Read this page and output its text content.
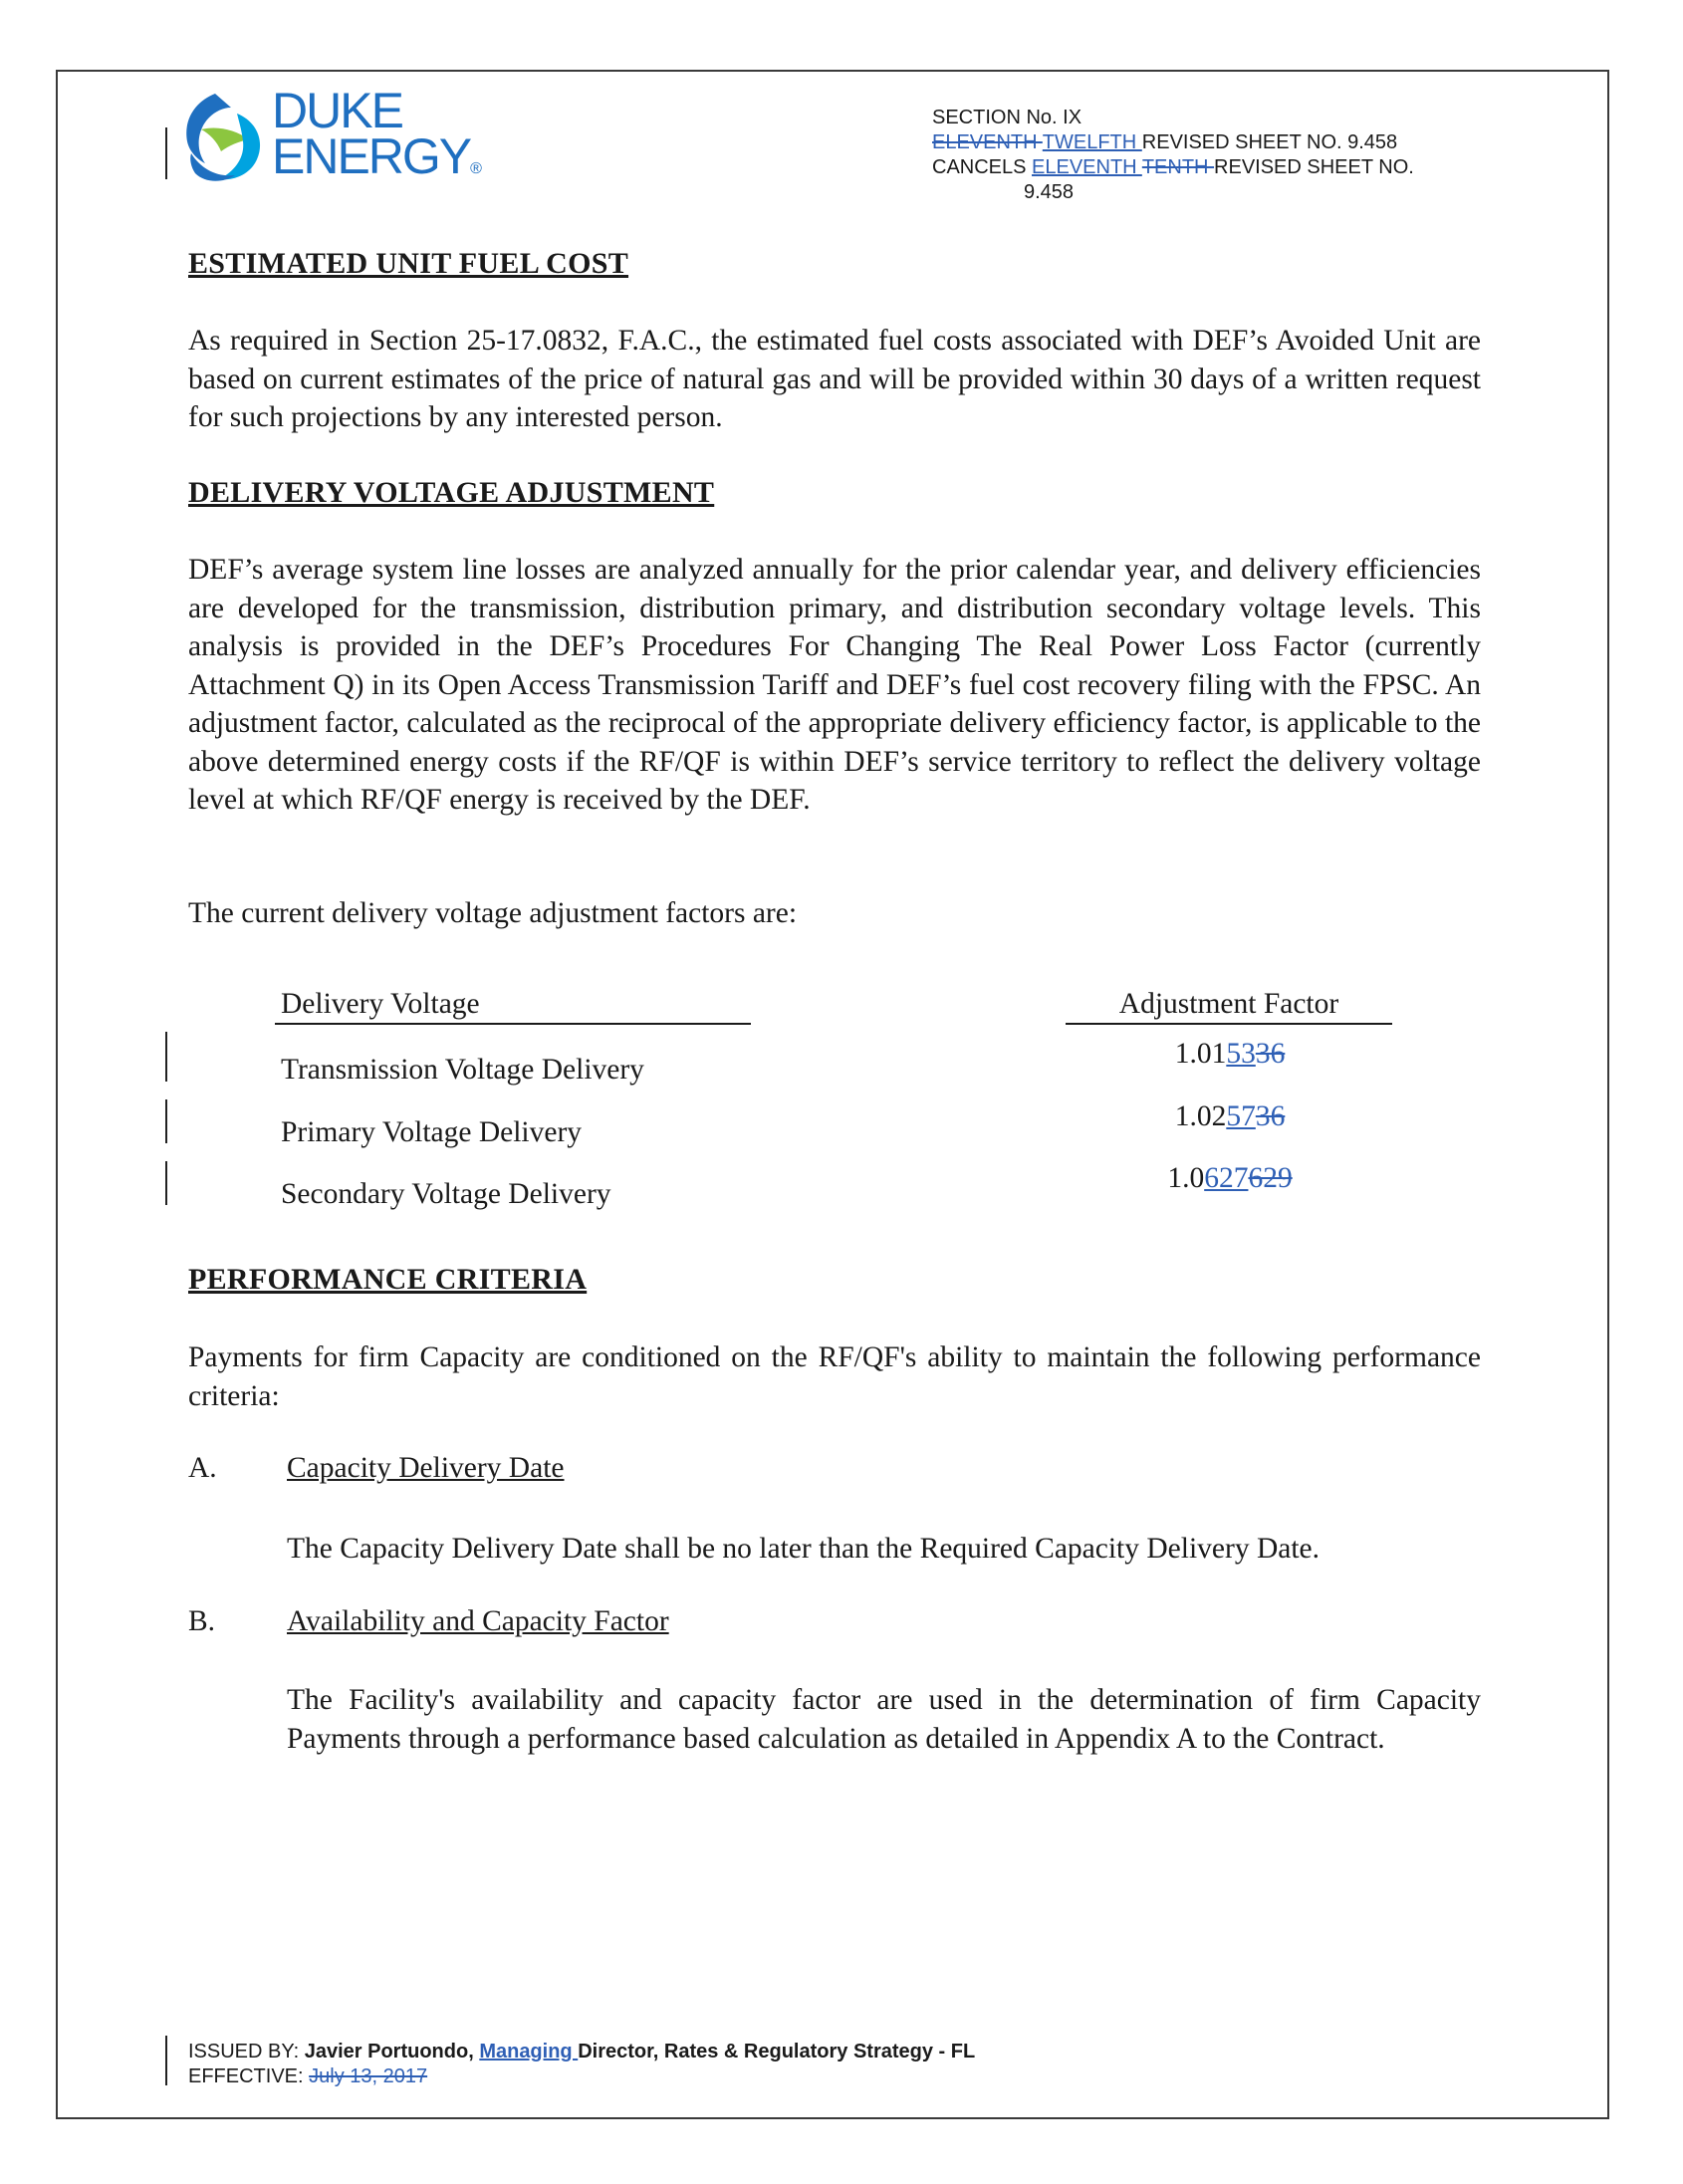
DUKE
ENERGY®
SECTION No. IX
ELEVENTH TWELFTH REVISED SHEET NO. 9.458
CANCELS ELEVENTH TENTH REVISED SHEET NO.
9.458
ESTIMATED UNIT FUEL COST
As required in Section 25-17.0832, F.A.C., the estimated fuel costs associated with DEF’s Avoided Unit are based on current estimates of the price of natural gas and will be provided within 30 days of a written request for such projections by any interested person.
DELIVERY VOLTAGE ADJUSTMENT
DEF’s average system line losses are analyzed annually for the prior calendar year, and delivery efficiencies are developed for the transmission, distribution primary, and distribution secondary voltage levels. This analysis is provided in the DEF’s Procedures For Changing The Real Power Loss Factor (currently Attachment Q) in its Open Access Transmission Tariff and DEF’s fuel cost recovery filing with the FPSC. An adjustment factor, calculated as the reciprocal of the appropriate delivery efficiency factor, is applicable to the above determined energy costs if the RF/QF is within DEF’s service territory to reflect the delivery voltage level at which RF/QF energy is received by the DEF.
The current delivery voltage adjustment factors are:
Delivery Voltage	Adjustment Factor
Transmission Voltage Delivery	1.015336
Primary Voltage Delivery	1.025736
Secondary Voltage Delivery	1.0627629
PERFORMANCE CRITERIA
Payments for firm Capacity are conditioned on the RF/QF's ability to maintain the following performance criteria:
A. Capacity Delivery Date
The Capacity Delivery Date shall be no later than the Required Capacity Delivery Date.
B. Availability and Capacity Factor
The Facility's availability and capacity factor are used in the determination of firm Capacity Payments through a performance based calculation as detailed in Appendix A to the Contract.
ISSUED BY: Javier Portuondo, Managing Director, Rates & Regulatory Strategy - FL
EFFECTIVE: July 13, 2017
